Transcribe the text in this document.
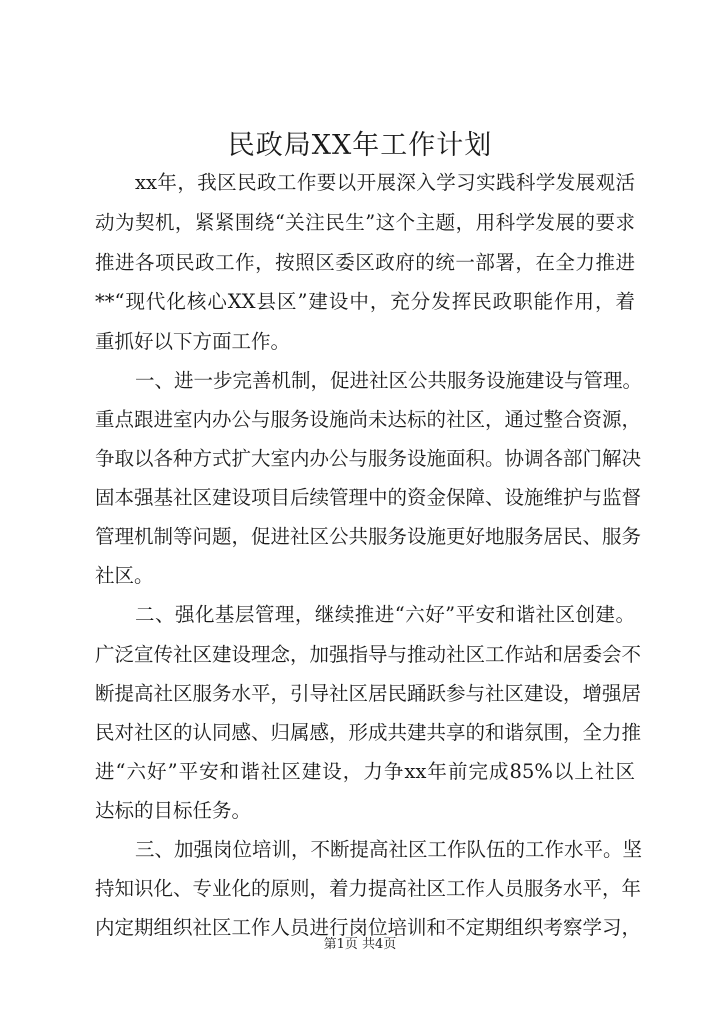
民政局XX年工作计划
xx年，我区民政工作要以开展深入学习实践科学发展观活
动为契机，紧紧围绕“关注民生”这个主题，用科学发展的要求
推进各项民政工作，按照区委区政府的统一部署，在全力推进
**“现代化核心XX县区”建设中，充分发挥民政职能作用，着
重抓好以下方面工作。
一、进一步完善机制，促进社区公共服务设施建设与管理。
重点跟进室内办公与服务设施尚未达标的社区，通过整合资源，
争取以各种方式扩大室内办公与服务设施面积。协调各部门解决
固本强基社区建设项目后续管理中的资金保障、设施维护与监督
管理机制等问题，促进社区公共服务设施更好地服务居民、服务
社区。
二、强化基层管理，继续推进“六好”平安和谐社区创建。
广泛宣传社区建设理念，加强指导与推动社区工作站和居委会不
断提高社区服务水平，引导社区居民踊跃参与社区建设，增强居
民对社区的认同感、归属感，形成共建共享的和谐氛围，全力推
进“六好”平安和谐社区建设，力争xx年前完成85%以上社区
达标的目标任务。
三、加强岗位培训，不断提高社区工作队伍的工作水平。坚
持知识化、专业化的原则，着力提高社区工作人员服务水平，年
内定期组织社区工作人员进行岗位培训和不定期组织考察学习，
第1页 共4页
